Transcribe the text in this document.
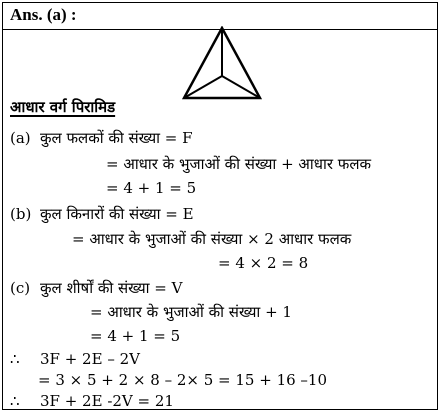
Ans. (a) :
आधार वर्ग पिरामिड
(a) कुल फलकों की संख्या = F
= आधार के भुजाओं की संख्या + आधार फलक
= 4 + 1 = 5
(b) कुल किनारों की संख्या = E
= आधार के भुजाओं की संख्या × 2 आधार फलक
= 4 × 2 = 8
(c) कुल शीर्षों की संख्या = V
= आधार के भुजाओं की संख्या + 1
= 4 + 1 = 5
∴ 3F + 2E – 2V
= 3 × 5 + 2 × 8 – 2× 5 = 15 + 16 –10
∴ 3F + 2E -2V = 21
